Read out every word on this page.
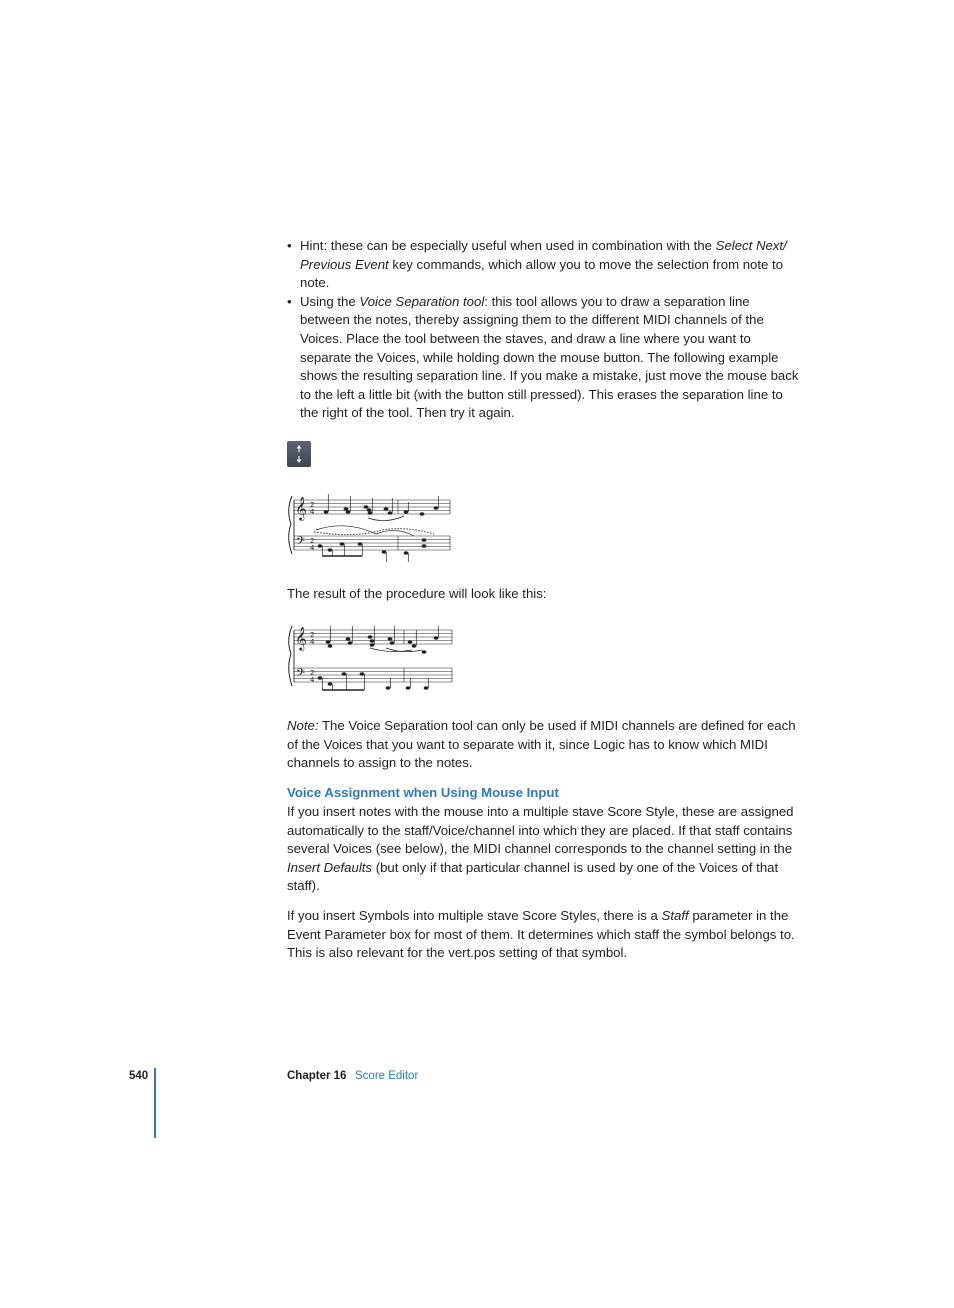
• Hint: these can be especially useful when used in combination with the Select Next/ Previous Event key commands, which allow you to move the selection from note to note.
• Using the Voice Separation tool: this tool allows you to draw a separation line between the notes, thereby assigning them to the different MIDI channels of the Voices. Place the tool between the staves, and draw a line where you want to separate the Voices, while holding down the mouse button. The following example shows the resulting separation line. If you make a mistake, just move the mouse back to the left a little bit (with the button still pressed). This erases the separation line to the right of the tool. Then try it again.
𝄞
𝄢
2
4
2
4

The result of the procedure will look like this:

𝄞
𝄢
2
4
2
4

Note: The Voice Separation tool can only be used if MIDI channels are defined for each of the Voices that you want to separate with it, since Logic has to know which MIDI channels to assign to the notes.

Voice Assignment when Using Mouse Input

If you insert notes with the mouse into a multiple stave Score Style, these are assigned automatically to the staff/Voice/channel into which they are placed. If that staff contains several Voices (see below), the MIDI channel corresponds to the channel setting in the Insert Defaults (but only if that particular channel is used by one of the Voices of that staff).

If you insert Symbols into multiple stave Score Styles, there is a Staff parameter in the Event Parameter box for most of them. It determines which staff the symbol belongs to. This is also relevant for the vert.pos setting of that symbol.

540	Chapter 16 Score Editor
